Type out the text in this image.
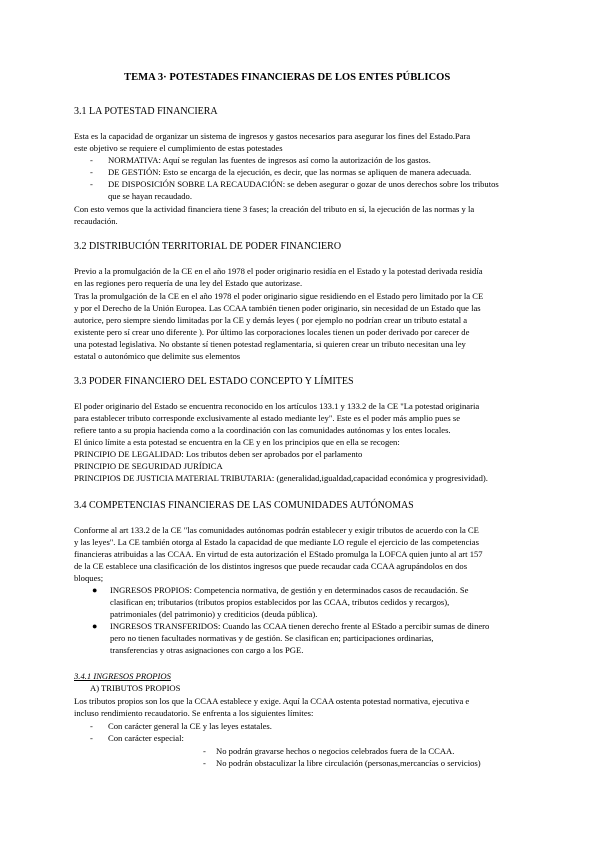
TEMA 3· POTESTADES FINANCIERAS DE LOS ENTES PÚBLICOS
3.1 LA POTESTAD FINANCIERA
Esta es la capacidad de organizar un sistema de ingresos y gastos necesarios para asegurar los fines del Estado.Para
este objetivo se requiere el cumplimiento de estas potestades
- NORMATIVA: Aquí se regulan las fuentes de ingresos así como la autorización de los gastos.
- DE GESTIÓN: Esto se encarga de la ejecución, es decir, que las normas se apliquen de manera adecuada.
- DE DISPOSICIÓN SOBRE LA RECAUDACIÓN: se deben asegurar o gozar de unos derechos sobre los tributos
que se hayan recaudado.
Con esto vemos que la actividad financiera tiene 3 fases; la creación del tributo en sí, la ejecución de las normas y la
recaudación.
3.2 DISTRIBUCIÓN TERRITORIAL DE PODER FINANCIERO
Previo a la promulgación de la CE en el año 1978 el poder originario residía en el Estado y la potestad derivada residía
en las regiones pero requería de una ley del Estado que autorizase.
Tras la promulgación de la CE en el año 1978 el poder originario sigue residiendo en el Estado pero limitado por la CE
y por el Derecho de la Unión Europea. Las CCAA también tienen poder originario, sin necesidad de un Estado que las
autorice, pero siempre siendo limitadas por la CE y demás leyes ( por ejemplo no podrían crear un tributo estatal a
existente pero sí crear uno diferente ). Por último las corporaciones locales tienen un poder derivado por carecer de
una potestad legislativa. No obstante sí tienen potestad reglamentaria, si quieren crear un tributo necesitan una ley
estatal o autonómico que delimite sus elementos
3.3 PODER FINANCIERO DEL ESTADO CONCEPTO Y LÍMITES
El poder originario del Estado se encuentra reconocido en los artículos 133.1 y 133.2 de la CE "La potestad originaria
para establecer tributo corresponde exclusivamente al estado mediante ley". Este es el poder más amplio pues se
refiere tanto a su propia hacienda como a la coordinación con las comunidades autónomas y los entes locales.
El único límite a esta potestad se encuentra en la CE y en los principios que en ella se recogen:
PRINCIPIO DE LEGALIDAD: Los tributos deben ser aprobados por el parlamento
PRINCIPIO DE SEGURIDAD JURÍDICA
PRINCIPIOS DE JUSTICIA MATERIAL TRIBUTARIA: (generalidad,igualdad,capacidad económica y progresividad).
3.4 COMPETENCIAS FINANCIERAS DE LAS COMUNIDADES AUTÓNOMAS
Conforme al art 133.2 de la CE "las comunidades autónomas podrán establecer y exigir tributos de acuerdo con la CE
y las leyes". La CE también otorga al Estado la capacidad de que mediante LO regule el ejercicio de las competencias
financieras atribuidas a las CCAA. En virtud de esta autorización el EStado promulga la LOFCA quien junto al art 157
de la CE establece una clasificación de los distintos ingresos que puede recaudar cada CCAA agrupándolos en dos
bloques;
● INGRESOS PROPIOS: Competencia normativa, de gestión y en determinados casos de recaudación. Se
clasifican en; tributarios (tributos propios establecidos por las CCAA, tributos cedidos y recargos),
patrimoniales (del patrimonio) y crediticios (deuda pública).
● INGRESOS TRANSFERIDOS: Cuando las CCAA tienen derecho frente al EStado a percibir sumas de dinero
pero no tienen facultades normativas y de gestión. Se clasifican en; participaciones ordinarias,
transferencias y otras asignaciones con cargo a los PGE.
3.4.1 INGRESOS PROPIOS
A) TRIBUTOS PROPIOS
Los tributos propios son los que la CCAA establece y exige. Aquí la CCAA ostenta potestad normativa, ejecutiva e
incluso rendimiento recaudatorio. Se enfrenta a los siguientes límites:
- Con carácter general la CE y las leyes estatales.
- Con carácter especial:
- No podrán gravarse hechos o negocios celebrados fuera de la CCAA.
- No podrán obstaculizar la libre circulación (personas,mercancías o servicios)
